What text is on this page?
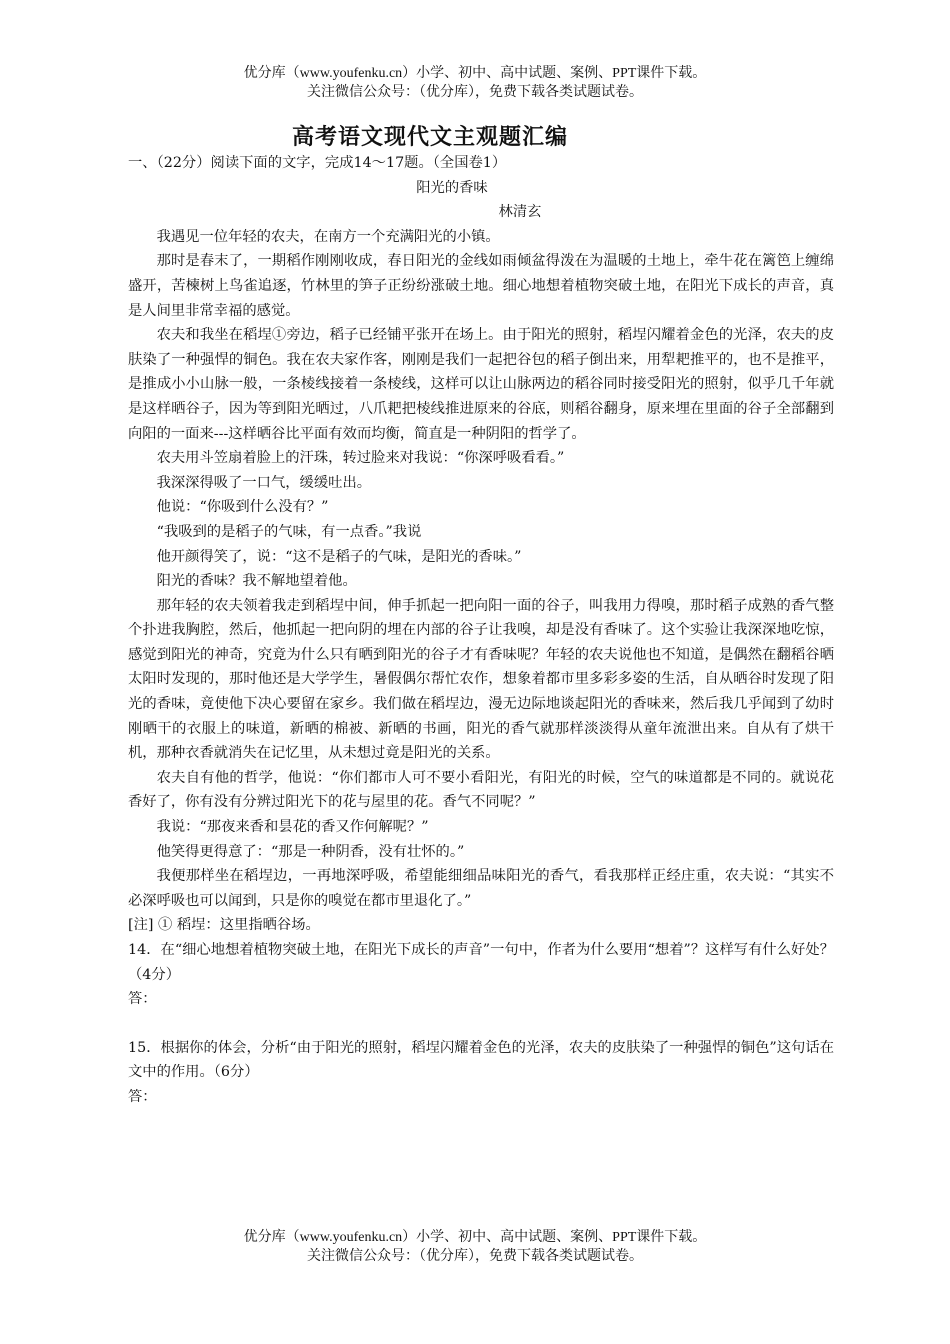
优分库（www.youfenku.cn）小学、初中、高中试题、案例、PPT课件下载。
关注微信公众号：（优分库），免费下载各类试题试卷。
高考语文现代文主观题汇编

一、（22分）阅读下面的文字，完成14～17题。（全国卷1）

阳光的香味

林清玄

我遇见一位年轻的农夫，在南方一个充满阳光的小镇。

那时是春末了，一期稻作刚刚收成，春日阳光的金线如雨倾盆得泼在为温暖的土地上，牵牛花在篱笆上缠绵盛开，苦楝树上鸟雀追逐，竹林里的笋子正纷纷涨破土地。细心地想着植物突破土地，在阳光下成长的声音，真是人间里非常幸福的感觉。

农夫和我坐在稻埕①旁边，稻子已经铺平张开在场上。由于阳光的照射，稻埕闪耀着金色的光泽，农夫的皮肤染了一种强悍的铜色。我在农夫家作客，刚刚是我们一起把谷包的稻子倒出来，用犁耙推平的，也不是推平，是推成小小山脉一般，一条棱线接着一条棱线，这样可以让山脉两边的稻谷同时接受阳光的照射，似乎几千年就是这样晒谷子，因为等到阳光晒过，八爪耙把棱线推进原来的谷底，则稻谷翻身，原来埋在里面的谷子全部翻到向阳的一面来---这样晒谷比平面有效而均衡，简直是一种阴阳的哲学了。

农夫用斗笠扇着脸上的汗珠，转过脸来对我说：“你深呼吸看看。”

我深深得吸了一口气，缓缓吐出。

他说：“你吸到什么没有？”

“我吸到的是稻子的气味，有一点香。”我说

他开颜得笑了，说：“这不是稻子的气味，是阳光的香味。”

阳光的香味？我不解地望着他。

那年轻的农夫领着我走到稻埕中间，伸手抓起一把向阳一面的谷子，叫我用力得嗅，那时稻子成熟的香气整个扑进我胸腔，然后，他抓起一把向阴的埋在内部的谷子让我嗅，却是没有香味了。这个实验让我深深地吃惊，感觉到阳光的神奇，究竟为什么只有晒到阳光的谷子才有香味呢？年轻的农夫说他也不知道，是偶然在翻稻谷晒太阳时发现的，那时他还是大学学生，暑假偶尔帮忙农作，想象着都市里多彩多姿的生活，自从晒谷时发现了阳光的香味，竟使他下决心要留在家乡。我们做在稻埕边，漫无边际地谈起阳光的香味来，然后我几乎闻到了幼时刚晒干的衣服上的味道，新晒的棉被、新晒的书画，阳光的香气就那样淡淡得从童年流泄出来。自从有了烘干机，那种衣香就消失在记忆里，从未想过竟是阳光的关系。

农夫自有他的哲学，他说：“你们都市人可不要小看阳光，有阳光的时候，空气的味道都是不同的。就说花香好了，你有没有分辨过阳光下的花与屋里的花。香气不同呢？”

我说：“那夜来香和昙花的香又作何解呢？”

他笑得更得意了：“那是一种阴香，没有壮怀的。”

我便那样坐在稻埕边，一再地深呼吸，希望能细细品味阳光的香气，看我那样正经庄重，农夫说：“其实不必深呼吸也可以闻到，只是你的嗅觉在都市里退化了。”

[注] ① 稻埕：这里指晒谷场。

14．在“细心地想着植物突破土地，在阳光下成长的声音”一句中，作者为什么要用“想着”？这样写有什么好处？（4分）

答：

15．根据你的体会，分析“由于阳光的照射，稻埕闪耀着金色的光泽，农夫的皮肤染了一种强悍的铜色”这句话在文中的作用。（6分）

答：

优分库（www.youfenku.cn）小学、初中、高中试题、案例、PPT课件下载。
关注微信公众号：（优分库），免费下载各类试题试卷。
